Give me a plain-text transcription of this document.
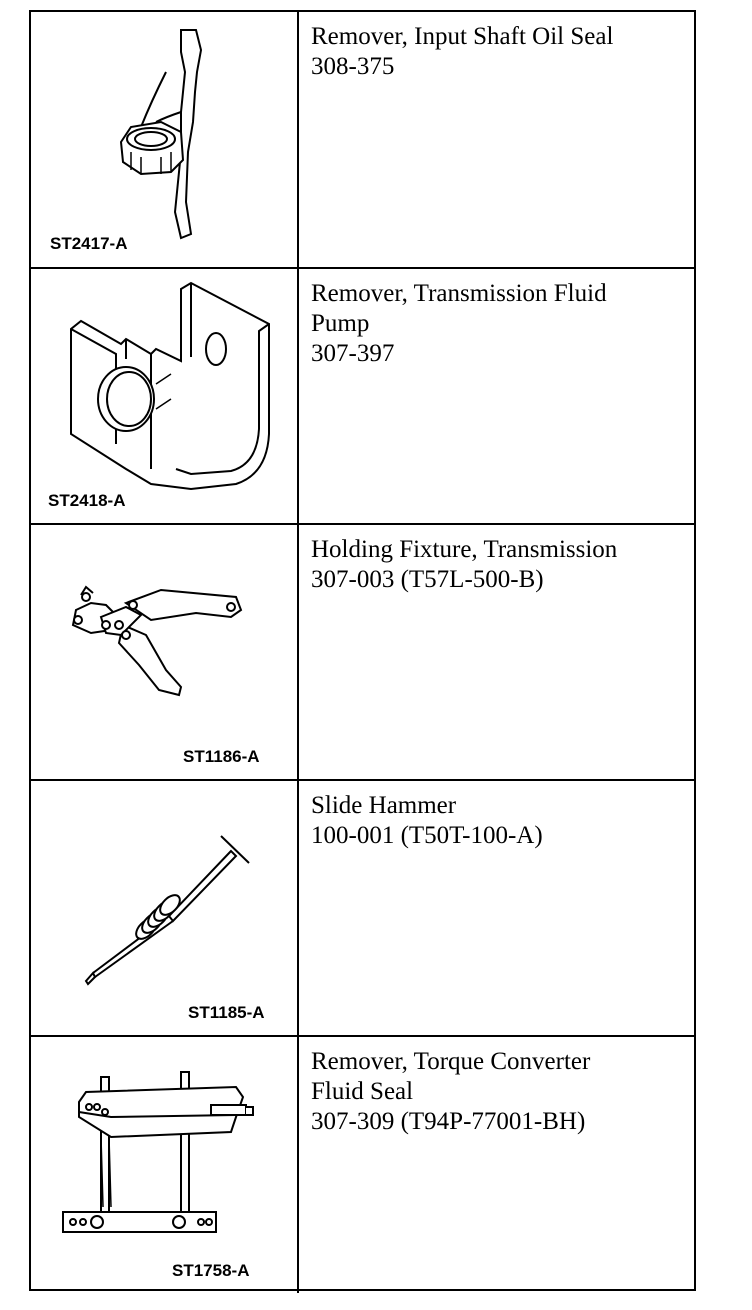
ST2417-A
Remover, Input Shaft Oil Seal
308-375
ST2418-A
Remover, Transmission Fluid
Pump
307-397
ST1186-A
Holding Fixture, Transmission
307-003 (T57L-500-B)
ST1185-A
Slide Hammer
100-001 (T50T-100-A)
ST1758-A
Remover, Torque Converter
Fluid Seal
307-309 (T94P-77001-BH)
